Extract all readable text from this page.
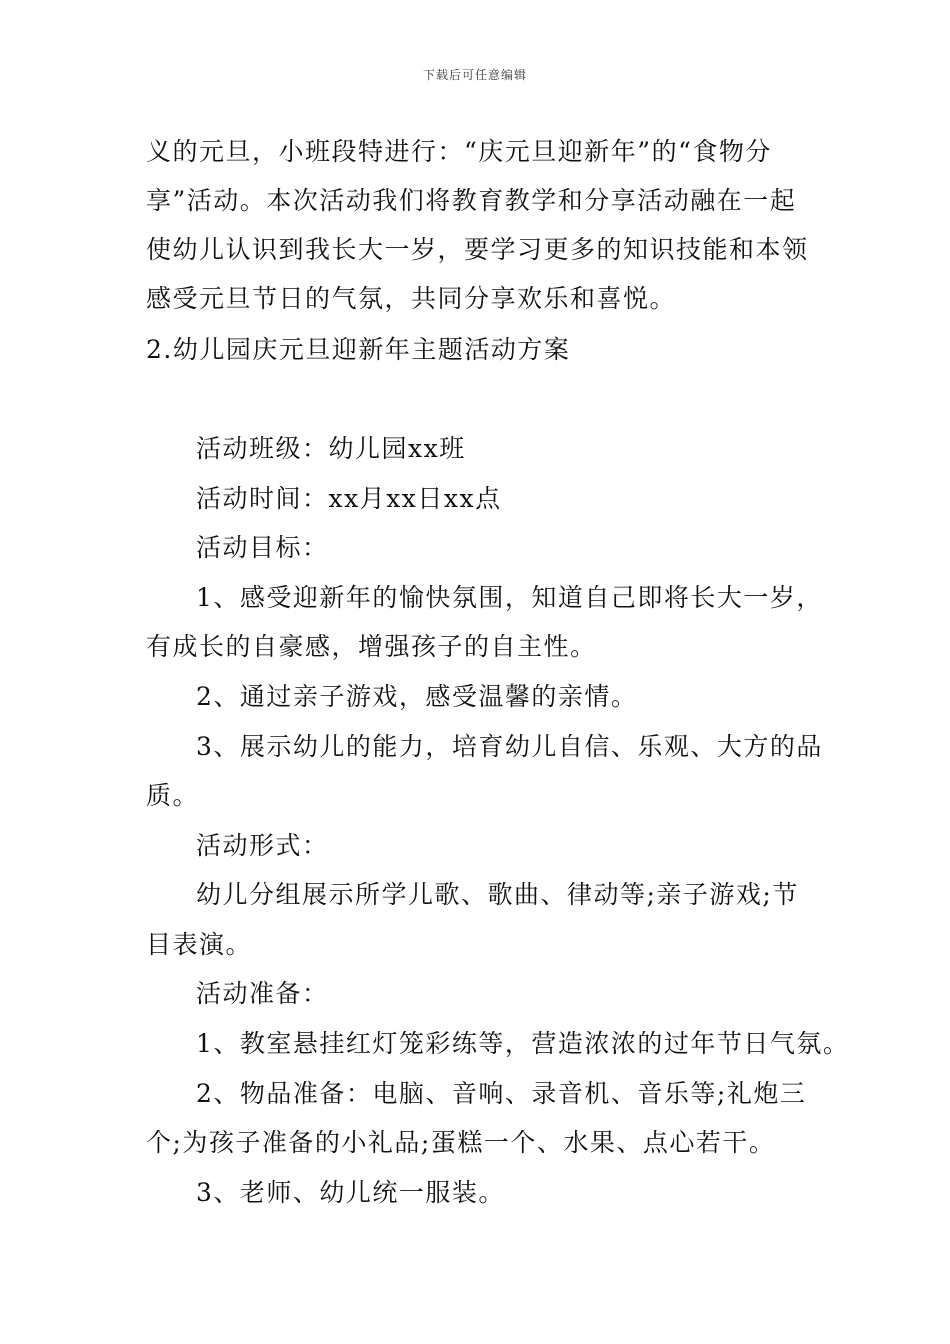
下载后可任意编辑
义的元旦，小班段特进行：“庆元旦迎新年”的“食物分
享”活动。本次活动我们将教育教学和分享活动融在一起
使幼儿认识到我长大一岁，要学习更多的知识技能和本领
感受元旦节日的气氛，共同分享欢乐和喜悦。
2.幼儿园庆元旦迎新年主题活动方案
活动班级：幼儿园xx班
活动时间：xx月xx日xx点
活动目标：
1、感受迎新年的愉快氛围，知道自己即将长大一岁，
有成长的自豪感，增强孩子的自主性。
2、通过亲子游戏，感受温馨的亲情。
3、展示幼儿的能力，培育幼儿自信、乐观、大方的品
质。
活动形式：
幼儿分组展示所学儿歌、歌曲、律动等;亲子游戏;节
目表演。
活动准备：
1、教室悬挂红灯笼彩练等，营造浓浓的过年节日气氛。
2、物品准备：电脑、音响、录音机、音乐等;礼炮三
个;为孩子准备的小礼品;蛋糕一个、水果、点心若干。
3、老师、幼儿统一服装。
